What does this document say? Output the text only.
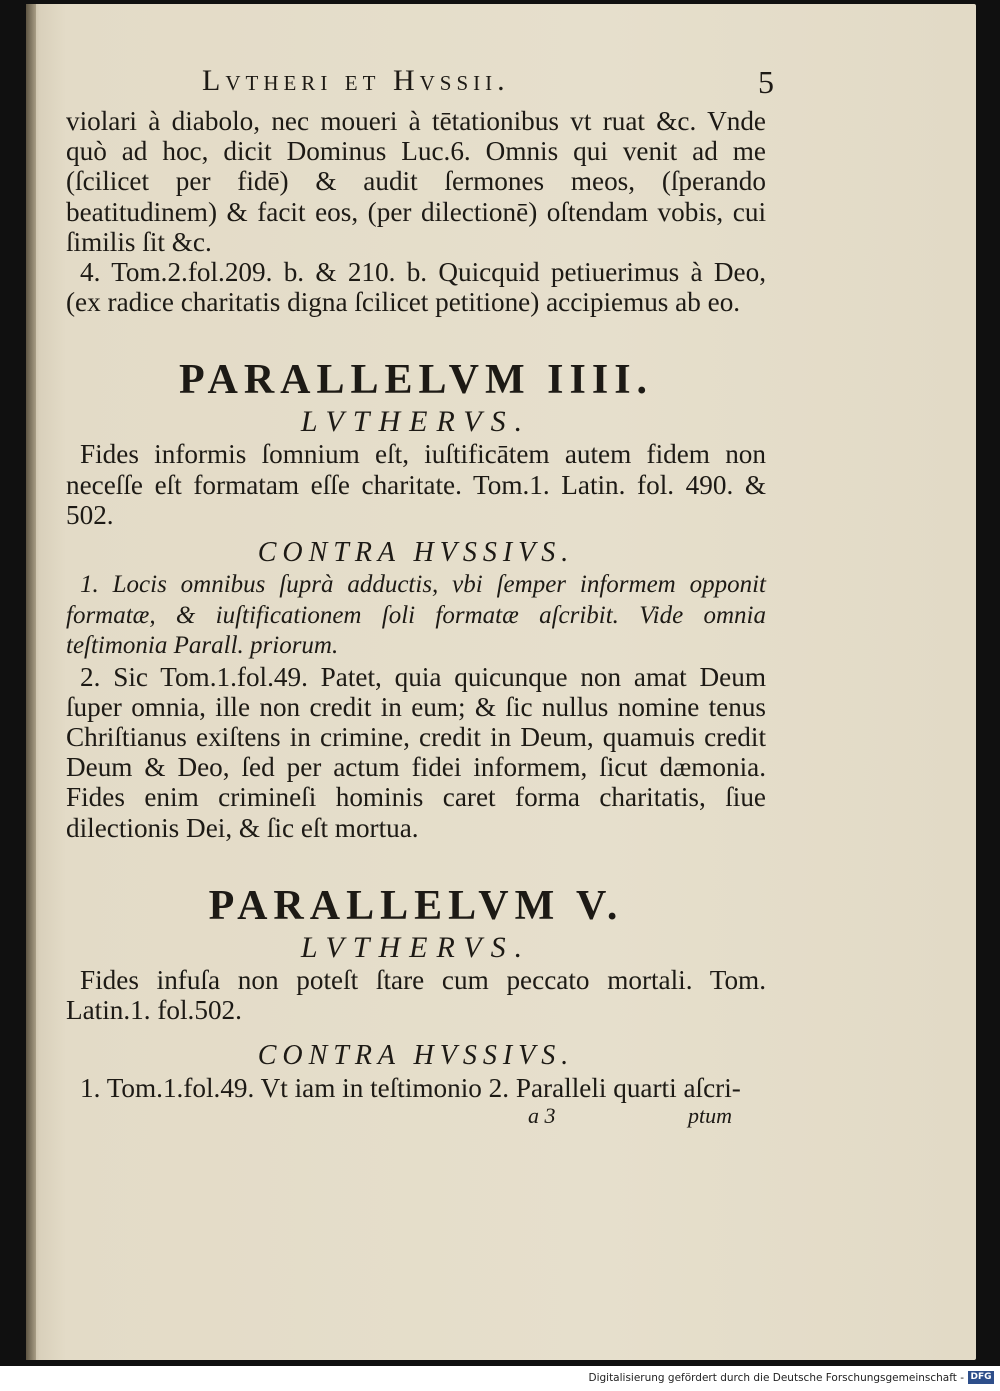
Lvtheri et Hvssii.	5

violari à diabolo, nec moueri à tētationibus vt ruat &c. Vnde quò ad hoc, dicit Dominus Luc.6. Omnis qui venit ad me (ſcilicet per fidē) & audit ſermones meos, (ſperando beatitudinem) & facit eos, (per dilectionē) oſtendam vobis, cui ſimilis ſit &c.

4. Tom.2.fol.209. b. & 210. b. Quicquid petiuerimus à Deo, (ex radice charitatis digna ſcilicet petitione) accipiemus ab eo.

PARALLELVM IIII.
LVTHERVS.

Fides informis ſomnium eſt, iuſtificātem autem fidem non neceſſe eſt formatam eſſe charitate. Tom.1. Latin. fol. 490. & 502.

CONTRA HVSSIVS.

1. Locis omnibus ſuprà adductis, vbi ſemper informem opponit formatæ, & iuſtificationem ſoli formatæ aſcribit. Vide omnia teſtimonia Parall. priorum.

2. Sic Tom.1.fol.49. Patet, quia quicunque non amat Deum ſuper omnia, ille non credit in eum; & ſic nullus nomine tenus Chriſtianus exiſtens in crimine, credit in Deum, quamuis credit Deum & Deo, ſed per actum fidei informem, ſicut dæmonia. Fides enim crimineſi hominis caret forma charitatis, ſiue dilectionis Dei, & ſic eſt mortua.

PARALLELVM V.
LVTHERVS.

Fides infuſa non poteſt ſtare cum peccato mortali. Tom. Latin.1. fol.502.

CONTRA HVSSIVS.

1. Tom.1.fol.49. Vt iam in teſtimonio 2. Paralleli quarti aſcri-

a 3	ptum
Digitalisierung gefördert durch die Deutsche Forschungsgemeinschaft - DFG
